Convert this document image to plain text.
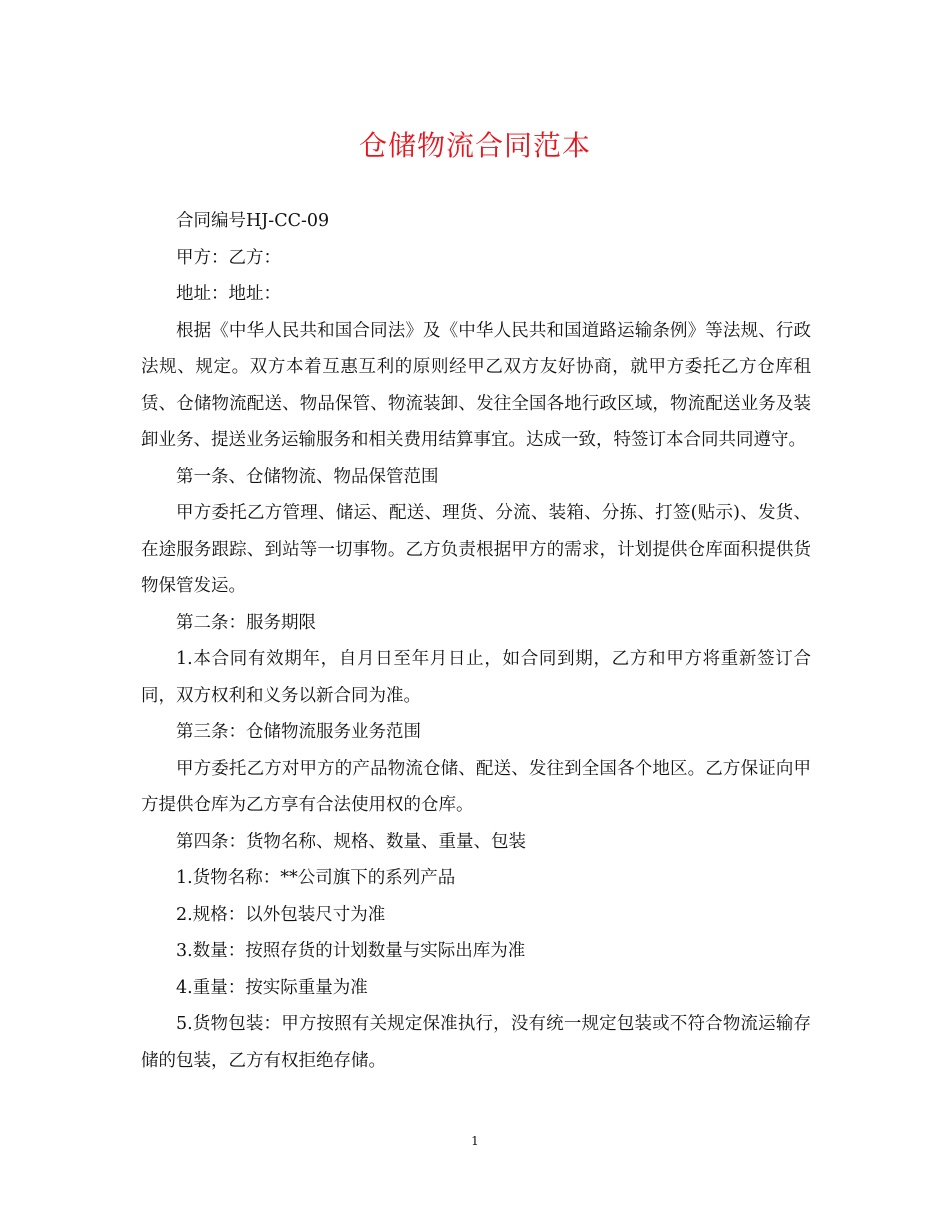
仓储物流合同范本

合同编号HJ-CC-09

甲方：乙方：

地址：地址：

根据《中华人民共和国合同法》及《中华人民共和国道路运输条例》等法规、行政法规、规定。双方本着互惠互利的原则经甲乙双方友好协商，就甲方委托乙方仓库租赁、仓储物流配送、物品保管、物流装卸、发往全国各地行政区域，物流配送业务及装卸业务、提送业务运输服务和相关费用结算事宜。达成一致，特签订本合同共同遵守。

第一条、仓储物流、物品保管范围

甲方委托乙方管理、储运、配送、理货、分流、装箱、分拣、打签(贴示)、发货、在途服务跟踪、到站等一切事物。乙方负责根据甲方的需求，计划提供仓库面积提供货物保管发运。

第二条：服务期限

1.本合同有效期年，自月日至年月日止，如合同到期，乙方和甲方将重新签订合同，双方权利和义务以新合同为准。

第三条：仓储物流服务业务范围

甲方委托乙方对甲方的产品物流仓储、配送、发往到全国各个地区。乙方保证向甲方提供仓库为乙方享有合法使用权的仓库。

第四条：货物名称、规格、数量、重量、包装

1.货物名称：**公司旗下的系列产品

2.规格：以外包装尺寸为准

3.数量：按照存货的计划数量与实际出库为准

4.重量：按实际重量为准

5.货物包装：甲方按照有关规定保准执行，没有统一规定包装或不符合物流运输存储的包装，乙方有权拒绝存储。

1
